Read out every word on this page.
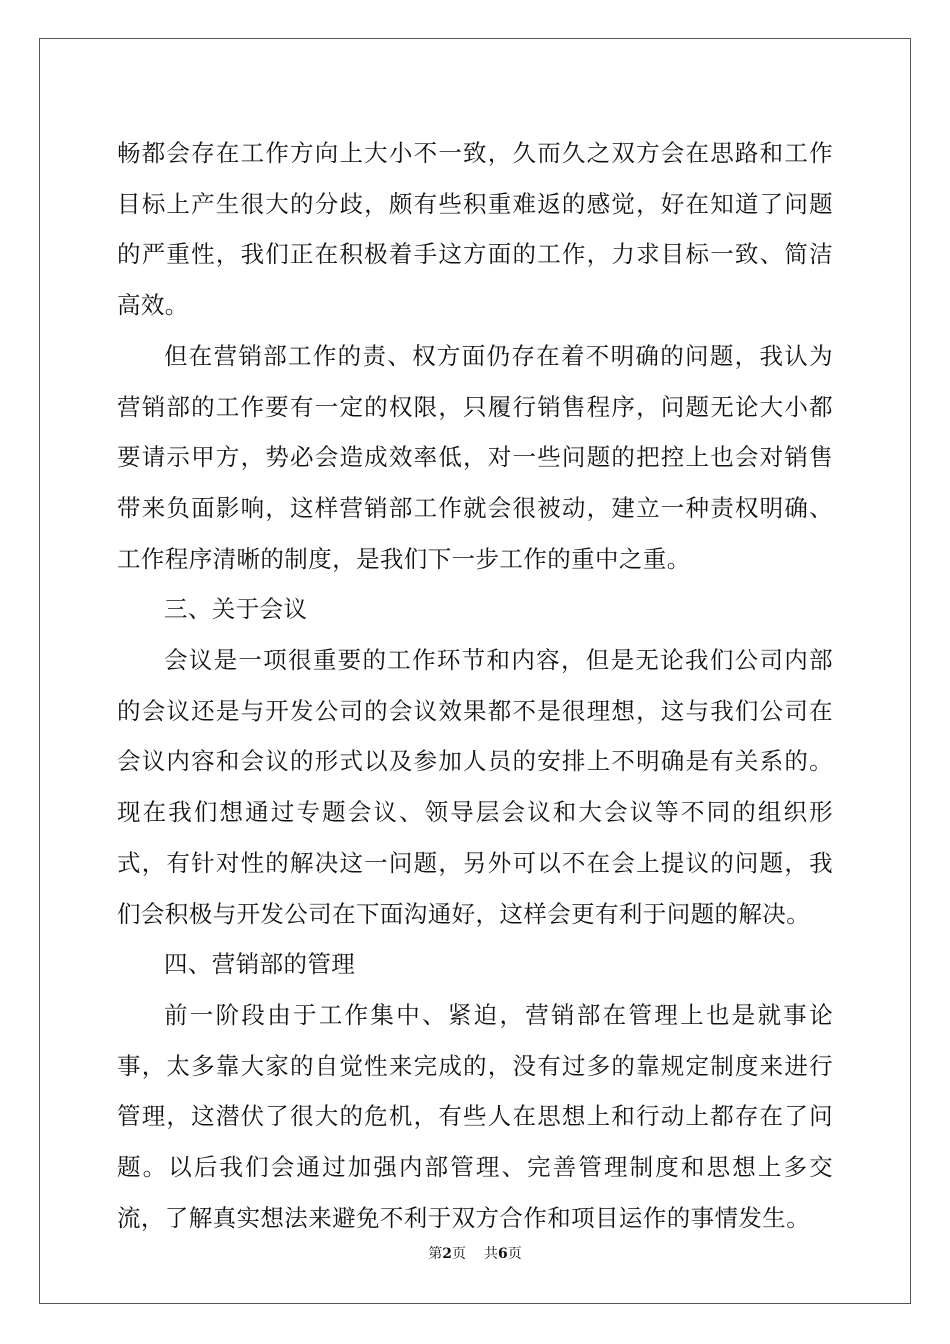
畅都会存在工作方向上大小不一致，久而久之双方会在思路和工作目标上产生很大的分歧，颇有些积重难返的感觉，好在知道了问题的严重性，我们正在积极着手这方面的工作，力求目标一致、简洁高效。

但在营销部工作的责、权方面仍存在着不明确的问题，我认为营销部的工作要有一定的权限，只履行销售程序，问题无论大小都要请示甲方，势必会造成效率低，对一些问题的把控上也会对销售带来负面影响，这样营销部工作就会很被动，建立一种责权明确、工作程序清晰的制度，是我们下一步工作的重中之重。

三、关于会议

会议是一项很重要的工作环节和内容，但是无论我们公司内部的会议还是与开发公司的会议效果都不是很理想，这与我们公司在会议内容和会议的形式以及参加人员的安排上不明确是有关系的。现在我们想通过专题会议、领导层会议和大会议等不同的组织形式，有针对性的解决这一问题，另外可以不在会上提议的问题，我们会积极与开发公司在下面沟通好，这样会更有利于问题的解决。

四、营销部的管理

前一阶段由于工作集中、紧迫，营销部在管理上也是就事论事，太多靠大家的自觉性来完成的，没有过多的靠规定制度来进行管理，这潜伏了很大的危机，有些人在思想上和行动上都存在了问题。以后我们会通过加强内部管理、完善管理制度和思想上多交流，了解真实想法来避免不利于双方合作和项目运作的事情发生。

第2页 共6页
